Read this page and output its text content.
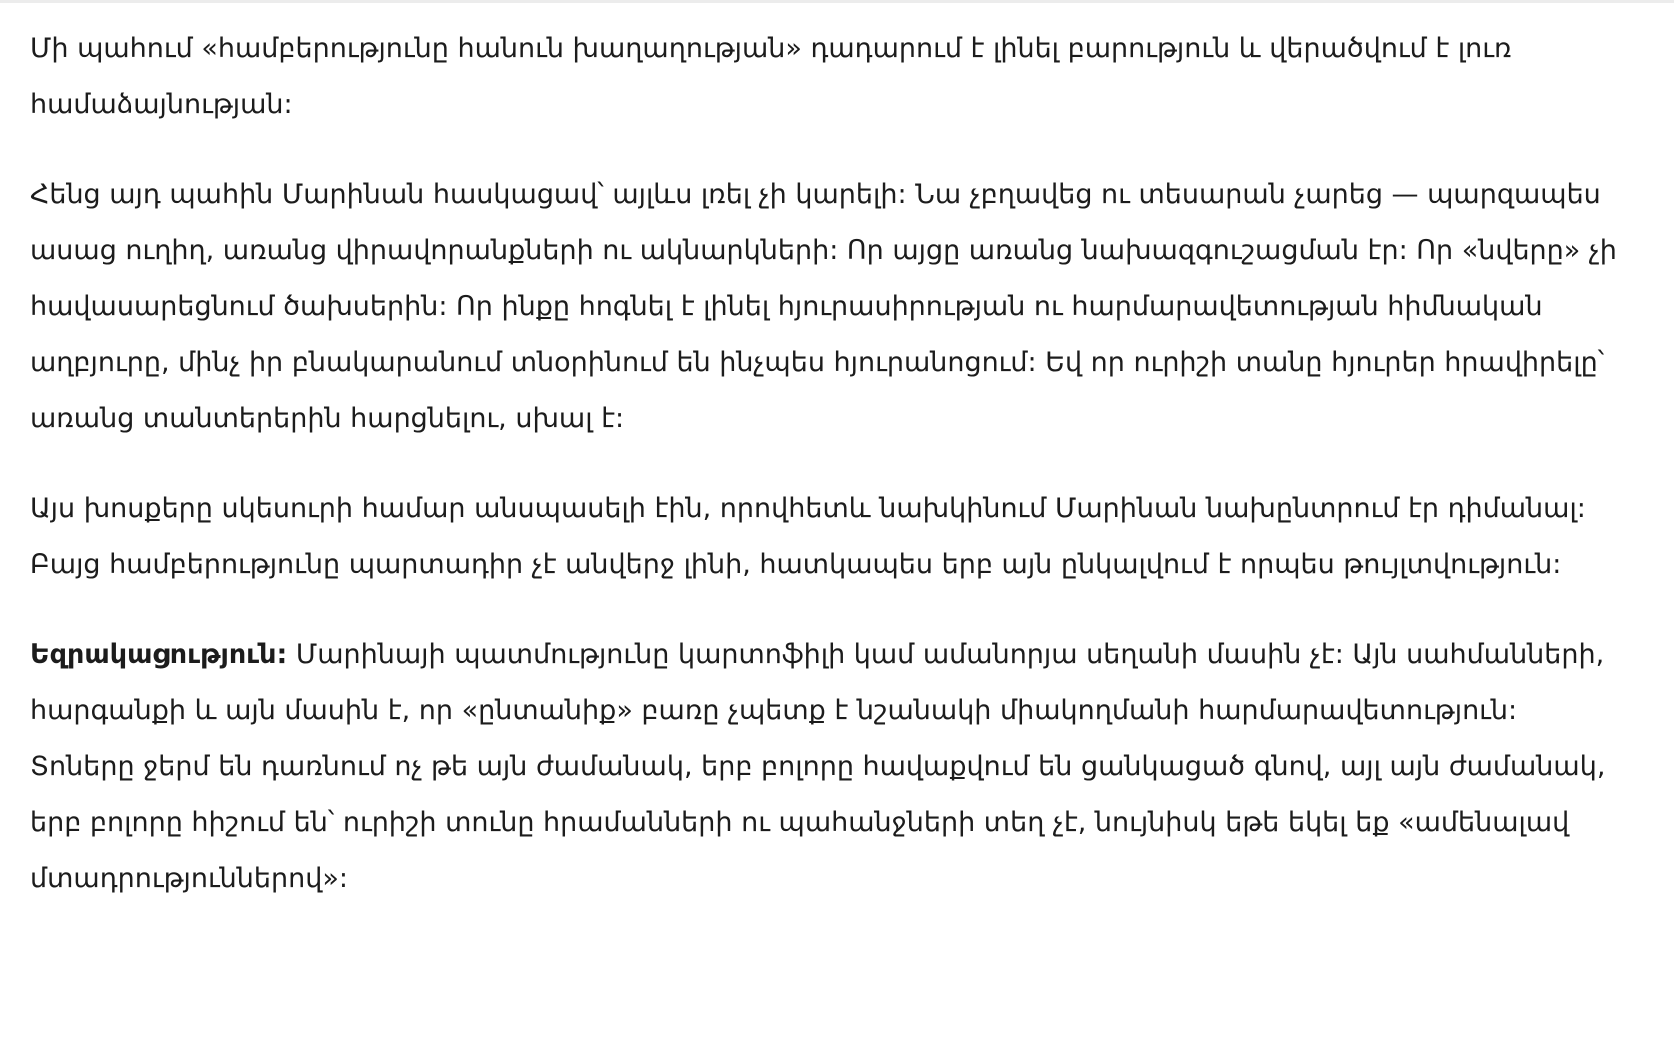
Մի պահում «համբերությունը հանուն խաղաղության» դադարում է լինել բարություն և վերածվում է լուռ համաձայնության:

Հենց այդ պահին Մարինան հասկացավ՝ այլևս լռել չի կարելի: Նա չբղավեց ու տեսարան չարեց — պարզապես ասաց ուղիղ, առանց վիրավորանքների ու ակնարկների: Որ այցը առանց նախազգուշացման էր: Որ «նվերը» չի հավասարեցնում ծախսերին: Որ ինքը հոգնել է լինել հյուրասիրության ու հարմարավետության հիմնական աղբյուրը, մինչ իր բնակարանում տնօրինում են ինչպես հյուրանոցում: Եվ որ ուրիշի տանը հյուրեր հրավիրելը՝ առանց տանտերերին հարցնելու, սխալ է:

Այս խոսքերը սկեսուրի համար անսպասելի էին, որովհետև նախկինում Մարինան նախընտրում էր դիմանալ: Բայց համբերությունը պարտադիր չէ անվերջ լինի, հատկապես երբ այն ընկալվում է որպես թույլտվություն:

Եզրակացություն: Մարինայի պատմությունը կարտոֆիլի կամ ամանորյա սեղանի մասին չէ: Այն սահմանների, հարգանքի և այն մասին է, որ «ընտանիք» բառը չպետք է նշանակի միակողմանի հարմարավետություն: Տոները ջերմ են դառնում ոչ թե այն ժամանակ, երբ բոլորը հավաքվում են ցանկացած գնով, այլ այն ժամանակ, երբ բոլորը հիշում են՝ ուրիշի տունը հրամանների ու պահանջների տեղ չէ, նույնիսկ եթե եկել եք «ամենալավ մտադրություններով»:
